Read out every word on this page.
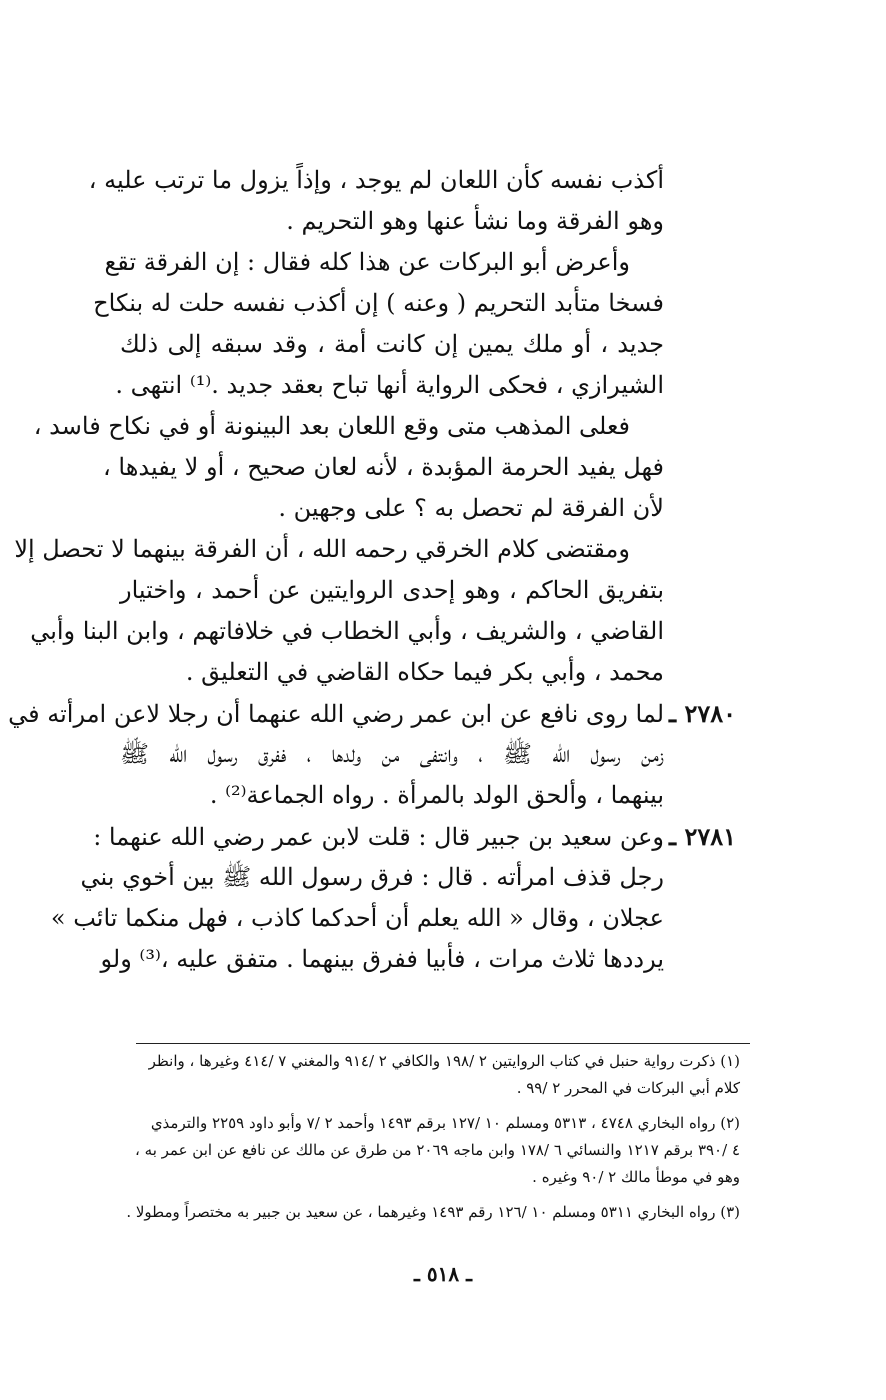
أكذب نفسه كأن اللعان لم يوجد ، وإذاً يزول ما ترتب عليه ،
وهو الفرقة وما نشأ عنها وهو التحريم .
وأعرض أبو البركات عن هذا كله فقال : إن الفرقة تقع
فسخا متأبد التحريم ( وعنه ) إن أكذب نفسه حلت له بنكاح
جديد ، أو ملك يمين إن كانت أمة ، وقد سبقه إلى ذلك
الشيرازي ، فحكى الرواية أنها تباح بعقد جديد .⁽¹⁾ انتهى .
فعلى المذهب متى وقع اللعان بعد البينونة أو في نكاح فاسد ،
فهل يفيد الحرمة المؤبدة ، لأنه لعان صحيح ، أو لا يفيدها ،
لأن الفرقة لم تحصل به ؟ على وجهين .
ومقتضى كلام الخرقي رحمه الله ، أن الفرقة بينهما لا تحصل إلا
بتفريق الحاكم ، وهو إحدى الروايتين عن أحمد ، واختيار
القاضي ، والشريف ، وأبي الخطاب في خلافاتهم ، وابن البنا وأبي
محمد ، وأبي بكر فيما حكاه القاضي في التعليق .
٢٧٨٠ ـلما روى نافع عن ابن عمر رضي الله عنهما أن رجلا لاعن امرأته في
زمن رسول الله ﷺ ، وانتفى من ولدها ، ففرق رسول الله ﷺ
بينهما ، وألحق الولد بالمرأة . رواه الجماعة⁽²⁾ .
٢٧٨١ ـوعن سعيد بن جبير قال : قلت لابن عمر رضي الله عنهما :
رجل قذف امرأته . قال : فرق رسول الله ﷺ بين أخوي بني
عجلان ، وقال « الله يعلم أن أحدكما كاذب ، فهل منكما تائب »
يرددها ثلاث مرات ، فأبيا ففرق بينهما . متفق عليه ،⁽³⁾ ولو
(١) ذكرت رواية حنبل في كتاب الروايتين ٢ /١٩٨ والكافي ٢ /٩١٤ والمغني ٧ /٤١٤ وغيرها ، وانظر
كلام أبي البركات في المحرر ٢ /٩٩ .
(٢) رواه البخاري ٤٧٤٨ ، ٥٣١٣ ومسلم ١٠ /١٢٧ برقم ١٤٩٣ وأحمد ٢ /٧ وأبو داود ٢٢٥٩ والترمذي
٤ /٣٩٠ برقم ١٢١٧ والنسائي ٦ /١٧٨ وابن ماجه ٢٠٦٩ من طرق عن مالك عن نافع عن ابن عمر به ،
وهو في موطأ مالك ٢ /٩٠ وغيره .
(٣) رواه البخاري ٥٣١١ ومسلم ١٠ /١٢٦ رقم ١٤٩٣ وغيرهما ، عن سعيد بن جبير به مختصراً ومطولا .
ـ ٥١٨ ـ
